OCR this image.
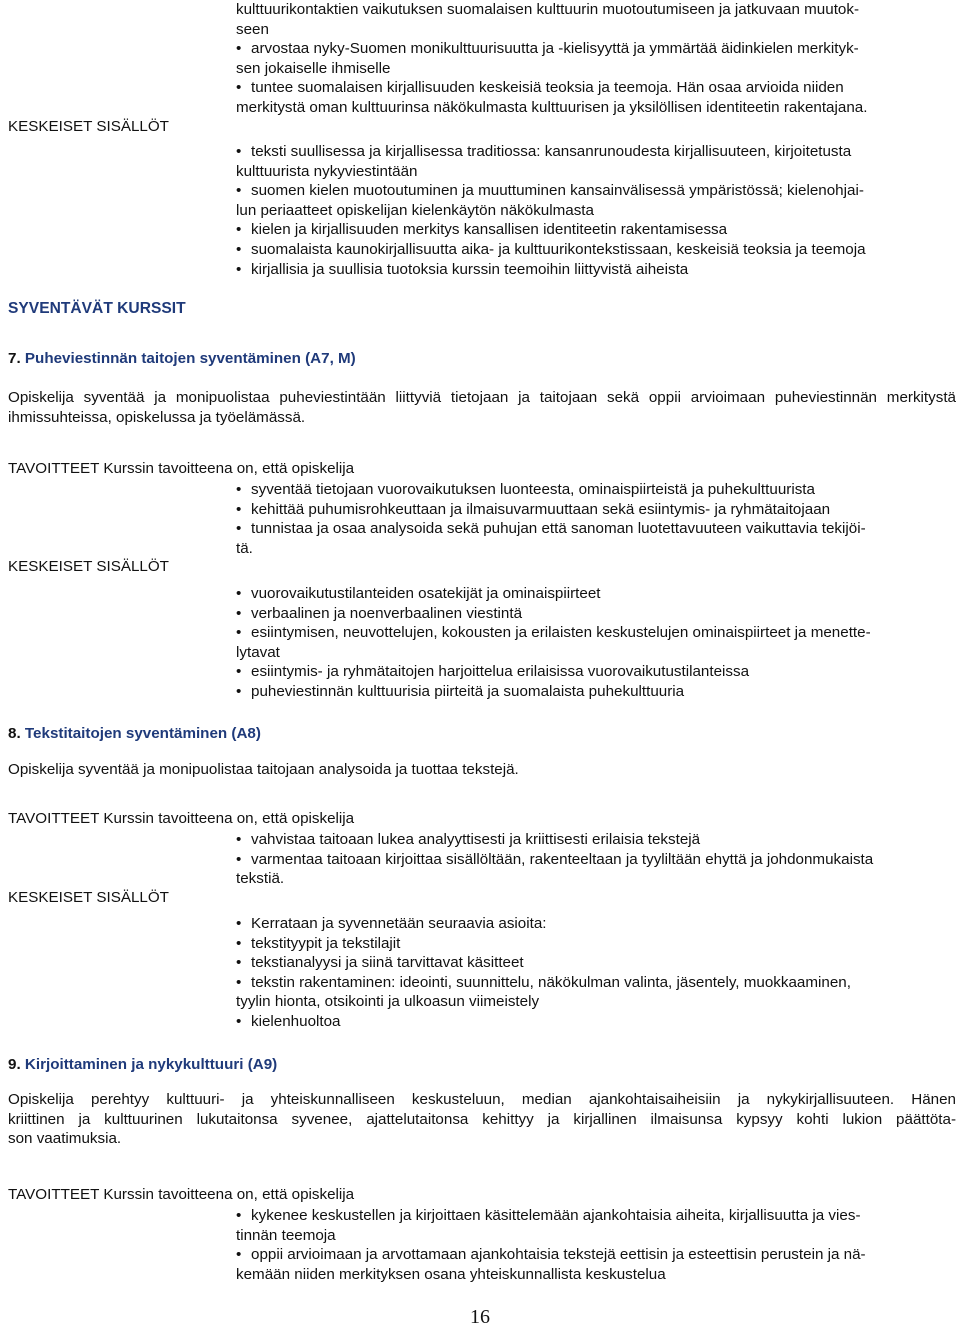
kulttuurikontaktien vaikutuksen suomalaisen kulttuurin muotoutumiseen ja jatkuvaan muutok-

seen

• arvostaa nyky-Suomen monikulttuurisuutta ja -kielisyyttä ja ymmärtää äidinkielen merkityk-

sen jokaiselle ihmiselle

• tuntee suomalaisen kirjallisuuden keskeisiä teoksia ja teemoja. Hän osaa arvioida niiden

merkitystä oman kulttuurinsa näkökulmasta kulttuurisen ja yksilöllisen identiteetin rakentajana.

KESKEISET SISÄLLÖT

• teksti suullisessa ja kirjallisessa traditiossa: kansanrunoudesta kirjallisuuteen, kirjoitetusta

kulttuurista nykyviestintään

• suomen kielen muotoutuminen ja muuttuminen kansainvälisessä ympäristössä; kielenohjai-

lun periaatteet opiskelijan kielenkäytön näkökulmasta

• kielen ja kirjallisuuden merkitys kansallisen identiteetin rakentamisessa

• suomalaista kaunokirjallisuutta aika- ja kulttuurikontekstissaan, keskeisiä teoksia ja teemoja

• kirjallisia ja suullisia tuotoksia kurssin teemoihin liittyvistä aiheista

SYVENTÄVÄT KURSSIT
7. Puheviestinnän taitojen syventäminen (A7, M)

Opiskelija syventää ja monipuolistaa puheviestintään liittyviä tietojaan ja taitojaan sekä oppii arvioimaan puheviestinnän merkitystä ihmissuhteissa, opiskelussa ja työelämässä.

TAVOITTEET Kurssin tavoitteena on, että opiskelija

• syventää tietojaan vuorovaikutuksen luonteesta, ominaispiirteistä ja puhekulttuurista

• kehittää puhumisrohkeuttaan ja ilmaisuvarmuuttaan sekä esiintymis- ja ryhmätaitojaan

• tunnistaa ja osaa analysoida sekä puhujan että sanoman luotettavuuteen vaikuttavia tekijöi-

tä.

KESKEISET SISÄLLÖT

• vuorovaikutustilanteiden osatekijät ja ominaispiirteet

• verbaalinen ja noenverbaalinen viestintä

• esiintymisen, neuvottelujen, kokousten ja erilaisten keskustelujen ominaispiirteet ja menette-

lytavat

• esiintymis- ja ryhmätaitojen harjoittelua erilaisissa vuorovaikutustilanteissa

• puheviestinnän kulttuurisia piirteitä ja suomalaista puhekulttuuria

8. Tekstitaitojen syventäminen (A8)

Opiskelija syventää ja monipuolistaa taitojaan analysoida ja tuottaa tekstejä.

TAVOITTEET Kurssin tavoitteena on, että opiskelija

• vahvistaa taitoaan lukea analyyttisesti ja kriittisesti erilaisia tekstejä

• varmentaa taitoaan kirjoittaa sisällöltään, rakenteeltaan ja tyyliltään ehyttä ja johdonmukaista

tekstiä.

KESKEISET SISÄLLÖT

• Kerrataan ja syvennetään seuraavia asioita:

• tekstityypit ja tekstilajit

• tekstianalyysi ja siinä tarvittavat käsitteet

• tekstin rakentaminen: ideointi, suunnittelu, näkökulman valinta, jäsentely, muokkaaminen,

tyylin hionta, otsikointi ja ulkoasun viimeistely

• kielenhuoltoa

9. Kirjoittaminen ja nykykulttuuri (A9)

Opiskelija perehtyy kulttuuri- ja yhteiskunnalliseen keskusteluun, median ajankohtaisaiheisiin ja nykykirjallisuuteen. Hänen

kriittinen ja kulttuurinen lukutaitonsa syvenee, ajattelutaitonsa kehittyy ja kirjallinen ilmaisunsa kypsyy kohti lukion päättöta-

son vaatimuksia.

TAVOITTEET Kurssin tavoitteena on, että opiskelija

• kykenee keskustellen ja kirjoittaen käsittelemään ajankohtaisia aiheita, kirjallisuutta ja vies-

tinnän teemoja

• oppii arvioimaan ja arvottamaan ajankohtaisia tekstejä eettisin ja esteettisin perustein ja nä-

kemään niiden merkityksen osana yhteiskunnallista keskustelua

16
